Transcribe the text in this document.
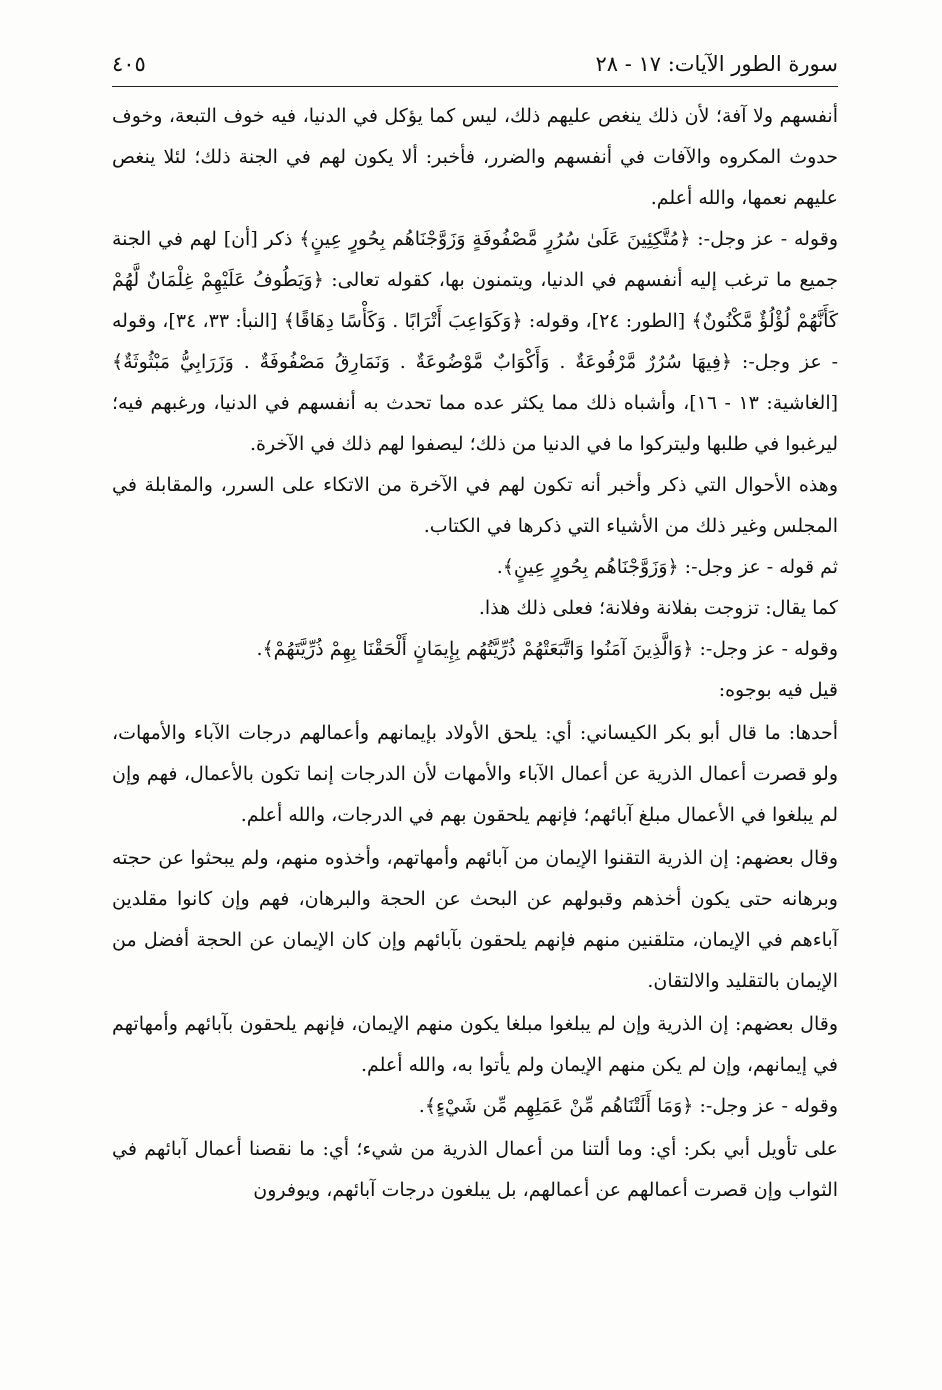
سورة الطور الآيات: ١٧ - ٢٨
٤٠٥

أنفسهم ولا آفة؛ لأن ذلك ينغص عليهم ذلك، ليس كما يؤكل في الدنيا، فيه خوف التبعة، وخوف حدوث المكروه والآفات في أنفسهم والضرر، فأخبر: ألا يكون لهم في الجنة ذلك؛ لئلا ينغص عليهم نعمها، والله أعلم.

وقوله - عز وجل-: ﴿مُتَّكِئِينَ عَلَىٰ سُرُرٍ مَّصْفُوفَةٍ وَزَوَّجْنَاهُم بِحُورٍ عِينٍ﴾ ذكر [أن] لهم في الجنة جميع ما ترغب إليه أنفسهم في الدنيا، ويتمنون بها، كقوله تعالى: ﴿وَيَطُوفُ عَلَيْهِمْ غِلْمَانٌ لَّهُمْ كَأَنَّهُمْ لُؤْلُؤٌ مَّكْنُونٌ﴾ [الطور: ٢٤]، وقوله: ﴿وَكَوَاعِبَ أَتْرَابًا . وَكَأْسًا دِهَاقًا﴾ [النبأ: ٣٣، ٣٤]، وقوله - عز وجل-: ﴿فِيهَا سُرُرٌ مَّرْفُوعَةٌ . وَأَكْوَابٌ مَّوْضُوعَةٌ . وَنَمَارِقُ مَصْفُوفَةٌ . وَزَرَابِيُّ مَبْثُوثَةٌ﴾ [الغاشية: ١٣ - ١٦]، وأشباه ذلك مما يكثر عده مما تحدث به أنفسهم في الدنيا، ورغبهم فيه؛ ليرغبوا في طلبها وليتركوا ما في الدنيا من ذلك؛ ليصفوا لهم ذلك في الآخرة.

وهذه الأحوال التي ذكر وأخبر أنه تكون لهم في الآخرة من الاتكاء على السرر، والمقابلة في المجلس وغير ذلك من الأشياء التي ذكرها في الكتاب.

ثم قوله - عز وجل-: ﴿وَزَوَّجْنَاهُم بِحُورٍ عِينٍ﴾.

كما يقال: تزوجت بفلانة وفلانة؛ فعلى ذلك هذا.

وقوله - عز وجل-: ﴿وَالَّذِينَ آمَنُوا وَاتَّبَعَتْهُمْ ذُرِّيَّتُهُم بِإِيمَانٍ أَلْحَقْنَا بِهِمْ ذُرِّيَّتَهُمْ﴾.

قيل فيه بوجوه:

أحدها: ما قال أبو بكر الكيساني: أي: يلحق الأولاد بإيمانهم وأعمالهم درجات الآباء والأمهات، ولو قصرت أعمال الذرية عن أعمال الآباء والأمهات لأن الدرجات إنما تكون بالأعمال، فهم وإن لم يبلغوا في الأعمال مبلغ آبائهم؛ فإنهم يلحقون بهم في الدرجات، والله أعلم.

وقال بعضهم: إن الذرية التقنوا الإيمان من آبائهم وأمهاتهم، وأخذوه منهم، ولم يبحثوا عن حجته وبرهانه حتى يكون أخذهم وقبولهم عن البحث عن الحجة والبرهان، فهم وإن كانوا مقلدين آباءهم في الإيمان، متلقنين منهم فإنهم يلحقون بآبائهم وإن كان الإيمان عن الحجة أفضل من الإيمان بالتقليد والالتقان.

وقال بعضهم: إن الذرية وإن لم يبلغوا مبلغا يكون منهم الإيمان، فإنهم يلحقون بآبائهم وأمهاتهم في إيمانهم، وإن لم يكن منهم الإيمان ولم يأتوا به، والله أعلم.

وقوله - عز وجل-: ﴿وَمَا أَلَتْنَاهُم مِّنْ عَمَلِهِم مِّن شَيْءٍ﴾.

على تأويل أبي بكر: أي: وما ألتنا من أعمال الذرية من شيء؛ أي: ما نقصنا أعمال آبائهم في الثواب وإن قصرت أعمالهم عن أعمالهم، بل يبلغون درجات آبائهم، ويوفرون
